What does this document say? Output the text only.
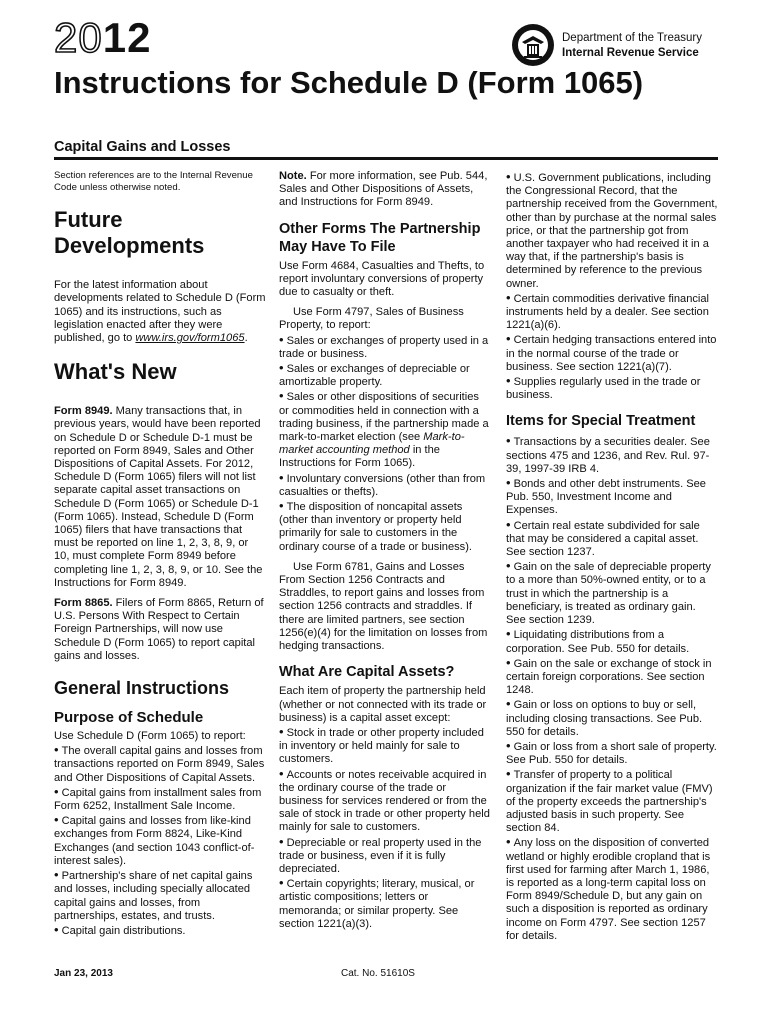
2012	Department of the Treasury
Internal Revenue Service
Instructions for Schedule D (Form 1065)
Capital Gains and Losses

Section references are to the Internal Revenue Code unless otherwise noted.

Future Developments

For the latest information about developments related to Schedule D (Form 1065) and its instructions, such as legislation enacted after they were published, go to www.irs.gov/form1065.

What's New

Form 8949. Many transactions that, in previous years, would have been reported on Schedule D or Schedule D-1 must be reported on Form 8949, Sales and Other Dispositions of Capital Assets. For 2012, Schedule D (Form 1065) filers will not list separate capital asset transactions on Schedule D (Form 1065) or Schedule D-1 (Form 1065). Instead, Schedule D (Form 1065) filers that have transactions that must be reported on line 1, 2, 3, 8, 9, or 10, must complete Form 8949 before completing line 1, 2, 3, 8, 9, or 10. See the Instructions for Form 8949.

Form 8865. Filers of Form 8865, Return of U.S. Persons With Respect to Certain Foreign Partnerships, will now use Schedule D (Form 1065) to report capital gains and losses.

General Instructions
Purpose of Schedule

Use Schedule D (Form 1065) to report:

• The overall capital gains and losses from transactions reported on Form 8949, Sales and Other Dispositions of Capital Assets.

• Capital gains from installment sales from Form 6252, Installment Sale Income.

• Capital gains and losses from like-kind exchanges from Form 8824, Like-Kind Exchanges (and section 1043 conflict-of-interest sales).

• Partnership's share of net capital gains and losses, including specially allocated capital gains and losses, from partnerships, estates, and trusts.

• Capital gain distributions.

Note. For more information, see Pub. 544, Sales and Other Dispositions of Assets, and Instructions for Form 8949.

Other Forms The Partnership May Have To File

Use Form 4684, Casualties and Thefts, to report involuntary conversions of property due to casualty or theft.

Use Form 4797, Sales of Business Property, to report:

• Sales or exchanges of property used in a trade or business.

• Sales or exchanges of depreciable or amortizable property.

• Sales or other dispositions of securities or commodities held in connection with a trading business, if the partnership made a mark-to-market election (see Mark-to-market accounting method in the Instructions for Form 1065).

• Involuntary conversions (other than from casualties or thefts).

• The disposition of noncapital assets (other than inventory or property held primarily for sale to customers in the ordinary course of a trade or business).

Use Form 6781, Gains and Losses From Section 1256 Contracts and Straddles, to report gains and losses from section 1256 contracts and straddles. If there are limited partners, see section 1256(e)(4) for the limitation on losses from hedging transactions.

What Are Capital Assets?

Each item of property the partnership held (whether or not connected with its trade or business) is a capital asset except:

• Stock in trade or other property included in inventory or held mainly for sale to customers.

• Accounts or notes receivable acquired in the ordinary course of the trade or business for services rendered or from the sale of stock in trade or other property held mainly for sale to customers.

• Depreciable or real property used in the trade or business, even if it is fully depreciated.

• Certain copyrights; literary, musical, or artistic compositions; letters or memoranda; or similar property. See section 1221(a)(3).

• U.S. Government publications, including the Congressional Record, that the partnership received from the Government, other than by purchase at the normal sales price, or that the partnership got from another taxpayer who had received it in a way that, if the partnership's basis is determined by reference to the previous owner.

• Certain commodities derivative financial instruments held by a dealer. See section 1221(a)(6).

• Certain hedging transactions entered into in the normal course of the trade or business. See section 1221(a)(7).

• Supplies regularly used in the trade or business.

Items for Special Treatment

• Transactions by a securities dealer. See sections 475 and 1236, and Rev. Rul. 97-39, 1997-39 IRB 4.

• Bonds and other debt instruments. See Pub. 550, Investment Income and Expenses.

• Certain real estate subdivided for sale that may be considered a capital asset. See section 1237.

• Gain on the sale of depreciable property to a more than 50%-owned entity, or to a trust in which the partnership is a beneficiary, is treated as ordinary gain. See section 1239.

• Liquidating distributions from a corporation. See Pub. 550 for details.

• Gain on the sale or exchange of stock in certain foreign corporations. See section 1248.

• Gain or loss on options to buy or sell, including closing transactions. See Pub. 550 for details.

• Gain or loss from a short sale of property. See Pub. 550 for details.

• Transfer of property to a political organization if the fair market value (FMV) of the property exceeds the partnership's adjusted basis in such property. See section 84.

• Any loss on the disposition of converted wetland or highly erodible cropland that is first used for farming after March 1, 1986, is reported as a long-term capital loss on Form 8949/Schedule D, but any gain on such a disposition is reported as ordinary income on Form 4797. See section 1257 for details.

Jan 23, 2013	Cat. No. 51610S
